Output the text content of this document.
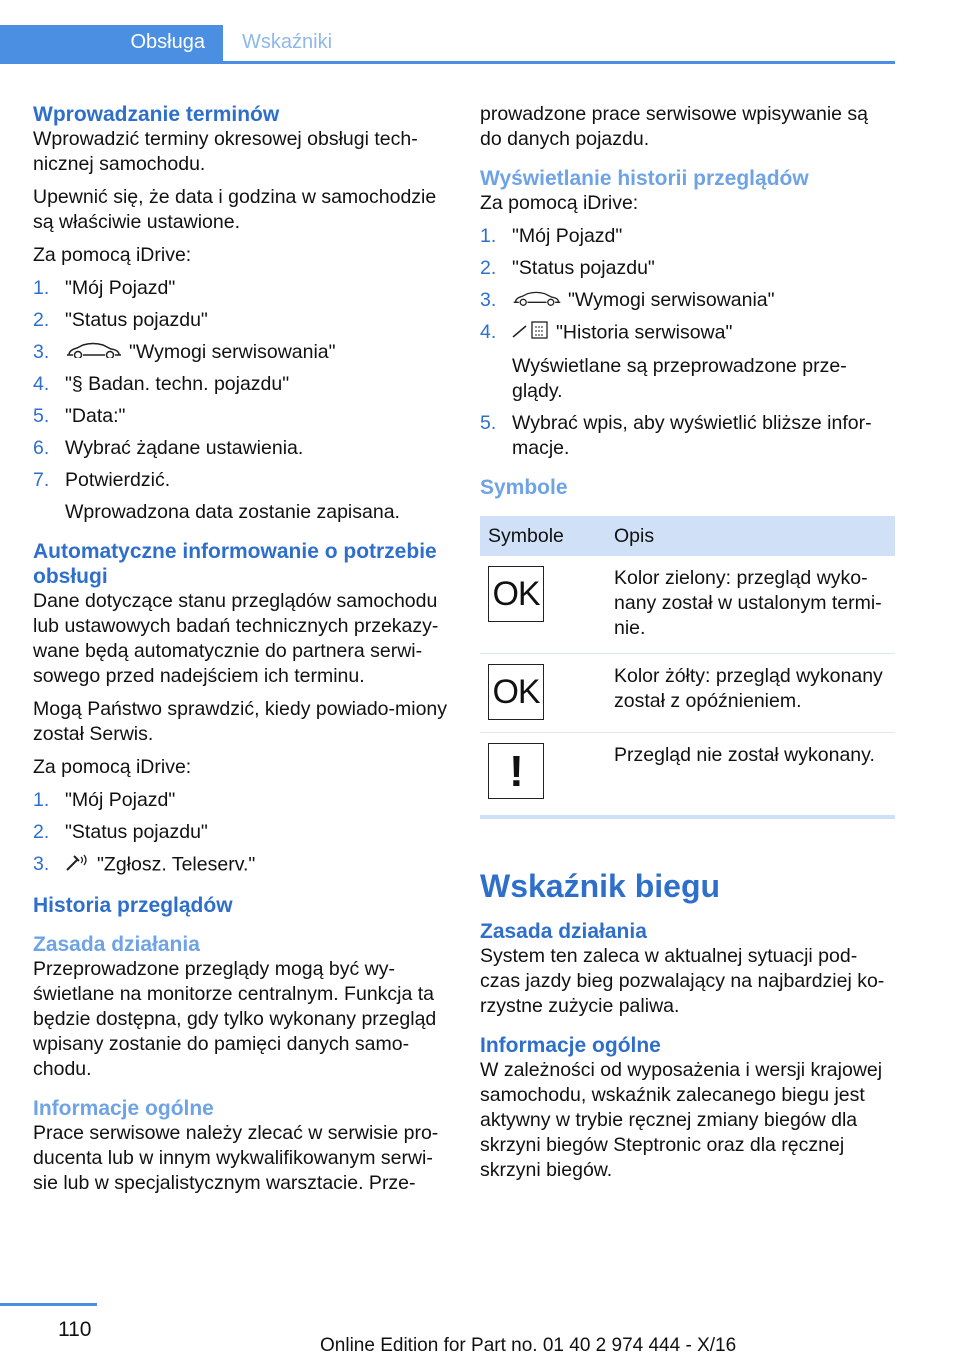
Obsługa Wskaźniki
Wprowadzanie terminów

Wprowadzić terminy okresowej obsługi tech-nicznej samochodu.

Upewnić się, że data i godzina w samochodzie są właściwie ustawione.

Za pomocą iDrive:

1. "Mój Pojazd"
2. "Status pojazdu"
3.	"Wymogi serwisowania"
4. "§ Badan. techn. pojazdu"
5. "Data:"
6. Wybrać żądane ustawienia.
7. Potwierdzić.
Wprowadzona data zostanie zapisana.
Automatyczne informowanie o potrzebie obsługi

Dane dotyczące stanu przeglądów samochodu lub ustawowych badań technicznych przekazy-wane będą automatycznie do partnera serwi-sowego przed nadejściem ich terminu.

Mogą Państwo sprawdzić, kiedy powiado-miony został Serwis.

Za pomocą iDrive:

1. "Mój Pojazd"
2. "Status pojazdu"
3. "Zgłosz. Teleserv."
Historia przeglądów
Zasada działania

Przeprowadzone przeglądy mogą być wy-świetlane na monitorze centralnym. Funkcja ta będzie dostępna, gdy tylko wykonany przegląd wpisany zostanie do pamięci danych samo-chodu.

Informacje ogólne

Prace serwisowe należy zlecać w serwisie pro-ducenta lub w innym wykwalifikowanym serwi-sie lub w specjalistycznym warsztacie. Prze-

prowadzone prace serwisowe wpisywanie są do danych pojazdu.

Wyświetlanie historii przeglądów

Za pomocą iDrive:

1. "Mój Pojazd"
2. "Status pojazdu"
3.	"Wymogi serwisowania"
4.	"Historia serwisowa"
Wyświetlane są przeprowadzone prze-glądy.
5. Wybrać wpis, aby wyświetlić bliższe infor-macje.
Symbole
Symbole	Opis

OK	Kolor zielony: przegląd wyko-nany został w ustalonym termi-nie.

OK	Kolor żółty: przegląd wykonany został z opóźnieniem.

!	Przegląd nie został wykonany.
Wskaźnik biegu
Zasada działania

System ten zaleca w aktualnej sytuacji pod-czas jazdy bieg pozwalający na najbardziej ko-rzystne zużycie paliwa.

Informacje ogólne

W zależności od wyposażenia i wersji krajowej samochodu, wskaźnik zalecanego biegu jest aktywny w trybie ręcznej zmiany biegów dla skrzyni biegów Steptronic oraz dla ręcznej skrzyni biegów.

110
Online Edition for Part no. 01 40 2 974 444 - X/16
